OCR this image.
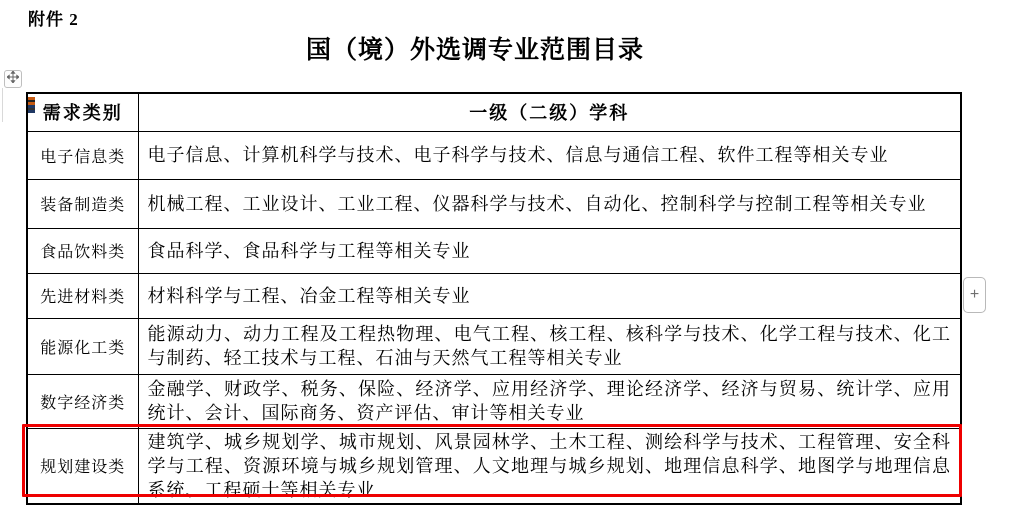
附件 2
国（境）外选调专业范围目录
需求类别	一级（二级）学科
电子信息类	电子信息、计算机科学与技术、电子科学与技术、信息与通信工程、软件工程等相关专业
装备制造类	机械工程、工业设计、工业工程、仪器科学与技术、自动化、控制科学与控制工程等相关专业
食品饮料类	食品科学、食品科学与工程等相关专业
先进材料类	材料科学与工程、冶金工程等相关专业
能源化工类	能源动力、动力工程及工程热物理、电气工程、核工程、核科学与技术、化学工程与技术、化工与制药、轻工技术与工程、石油与天然气工程等相关专业
数字经济类	金融学、财政学、税务、保险、经济学、应用经济学、理论经济学、经济与贸易、统计学、应用统计、会计、国际商务、资产评估、审计等相关专业
规划建设类	建筑学、城乡规划学、城市规划、风景园林学、土木工程、测绘科学与技术、工程管理、安全科学与工程、资源环境与城乡规划管理、人文地理与城乡规划、地理信息科学、地图学与地理信息系统、工程硕士等相关专业
+
